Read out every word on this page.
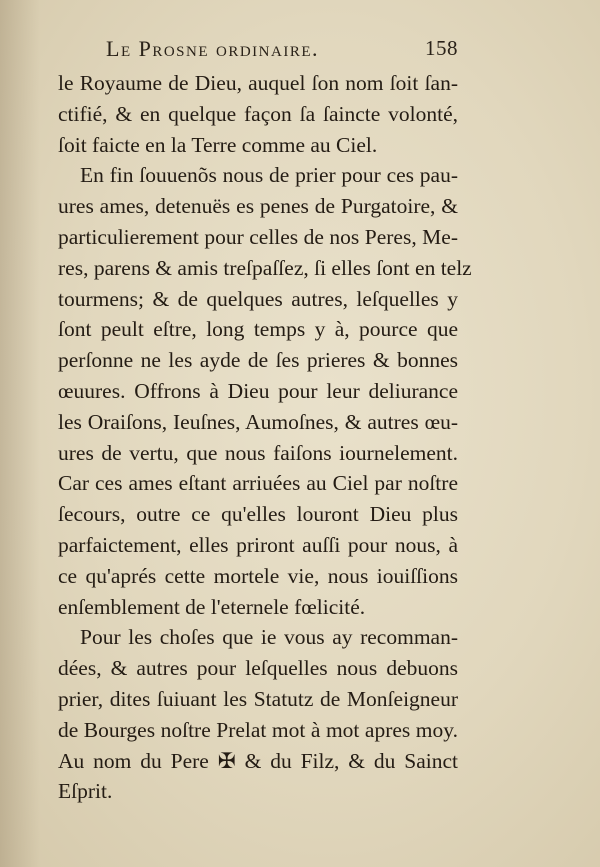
Le Prosne ordinaire.	158
le Royaume de Dieu, auquel ſon nom ſoit ſan-
ctifié, & en quelque façon ſa ſaincte volonté,
ſoit faicte en la Terre comme au Ciel.
En fin ſouuenõs nous de prier pour ces pau-
ures ames, detenuës es penes de Purgatoire, &
particulierement pour celles de nos Peres, Me-
res, parens & amis treſpaſſez, ſi elles ſont en telz
tourmens; & de quelques autres, leſquelles y
ſont peult eſtre, long temps y à, pource que
perſonne ne les ayde de ſes prieres & bonnes
œuures. Offrons à Dieu pour leur deliurance
les Oraiſons, Ieuſnes, Aumoſnes, & autres œu-
ures de vertu, que nous faiſons iournelement.
Car ces ames eſtant arriuées au Ciel par noſtre
ſecours, outre ce qu'elles louront Dieu plus
parfaictement, elles priront auſſi pour nous, à
ce qu'aprés cette mortele vie, nous iouiſſions
enſemblement de l'eternele fœlicité.
Pour les choſes que ie vous ay recomman-
dées, & autres pour leſquelles nous debuons
prier, dites ſuiuant les Statutz de Monſeigneur
de Bourges noſtre Prelat mot à mot apres moy.
Au nom du Pere ✠ & du Filz, & du Sainct
Eſprit.
